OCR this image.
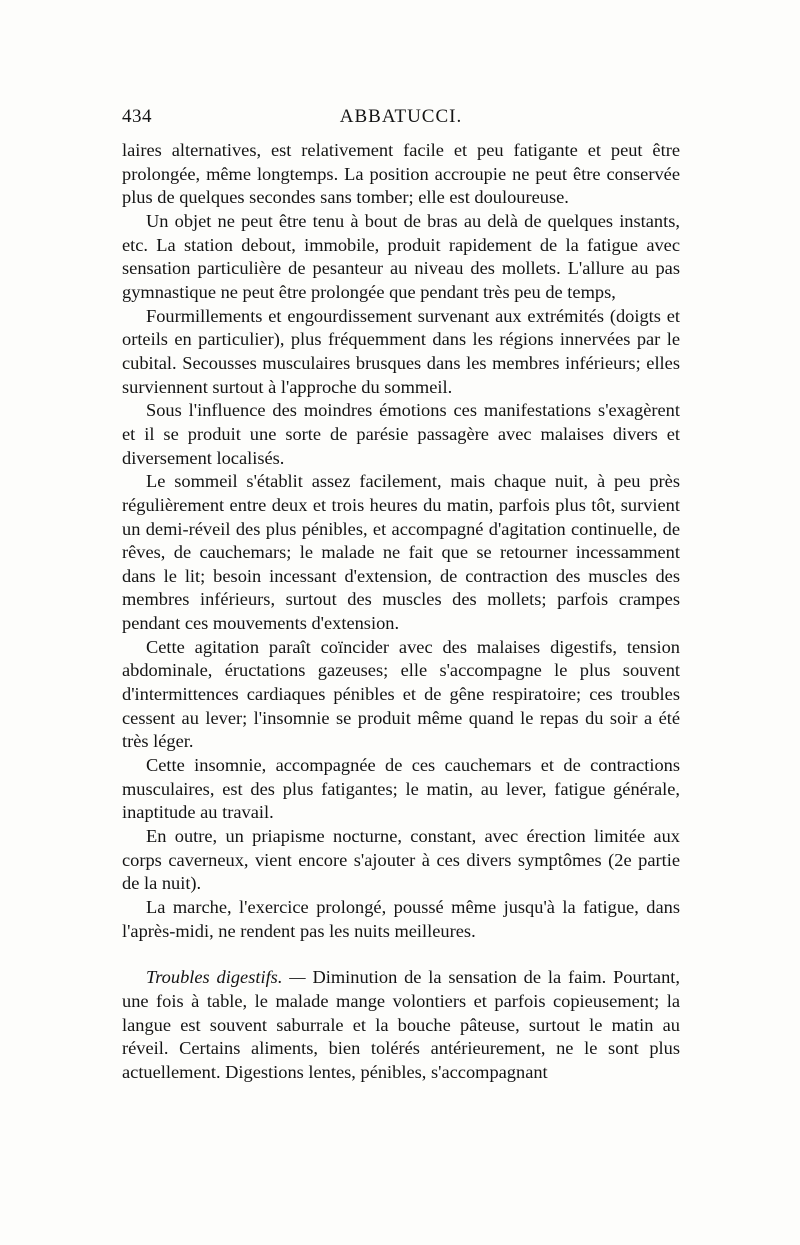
434	ABBATUCCI.

laires alternatives, est relativement facile et peu fatigante et peut être prolongée, même longtemps. La position accroupie ne peut être conservée plus de quelques secondes sans tomber; elle est douloureuse.

Un objet ne peut être tenu à bout de bras au delà de quelques instants, etc. La station debout, immobile, produit rapidement de la fatigue avec sensation particulière de pesanteur au niveau des mollets. L'allure au pas gymnastique ne peut être prolongée que pendant très peu de temps,

Fourmillements et engourdissement survenant aux extrémités (doigts et orteils en particulier), plus fréquemment dans les régions innervées par le cubital. Secousses musculaires brusques dans les membres inférieurs; elles surviennent surtout à l'approche du sommeil.

Sous l'influence des moindres émotions ces manifestations s'exagèrent et il se produit une sorte de parésie passagère avec malaises divers et diversement localisés.

Le sommeil s'établit assez facilement, mais chaque nuit, à peu près régulièrement entre deux et trois heures du matin, parfois plus tôt, survient un demi-réveil des plus pénibles, et accompagné d'agitation continuelle, de rêves, de cauchemars; le malade ne fait que se retourner incessamment dans le lit; besoin incessant d'extension, de contraction des muscles des membres inférieurs, surtout des muscles des mollets; parfois crampes pendant ces mouvements d'extension.

Cette agitation paraît coïncider avec des malaises digestifs, tension abdominale, éructations gazeuses; elle s'accompagne le plus souvent d'intermittences cardiaques pénibles et de gêne respiratoire; ces troubles cessent au lever; l'insomnie se produit même quand le repas du soir a été très léger.

Cette insomnie, accompagnée de ces cauchemars et de contractions musculaires, est des plus fatigantes; le matin, au lever, fatigue générale, inaptitude au travail.

En outre, un priapisme nocturne, constant, avec érection limitée aux corps caverneux, vient encore s'ajouter à ces divers symptômes (2e partie de la nuit).

La marche, l'exercice prolongé, poussé même jusqu'à la fatigue, dans l'après-midi, ne rendent pas les nuits meilleures.

Troubles digestifs. — Diminution de la sensation de la faim. Pourtant, une fois à table, le malade mange volontiers et parfois copieusement; la langue est souvent saburrale et la bouche pâteuse, surtout le matin au réveil. Certains aliments, bien tolérés antérieurement, ne le sont plus actuellement. Digestions lentes, pénibles, s'accompagnant
